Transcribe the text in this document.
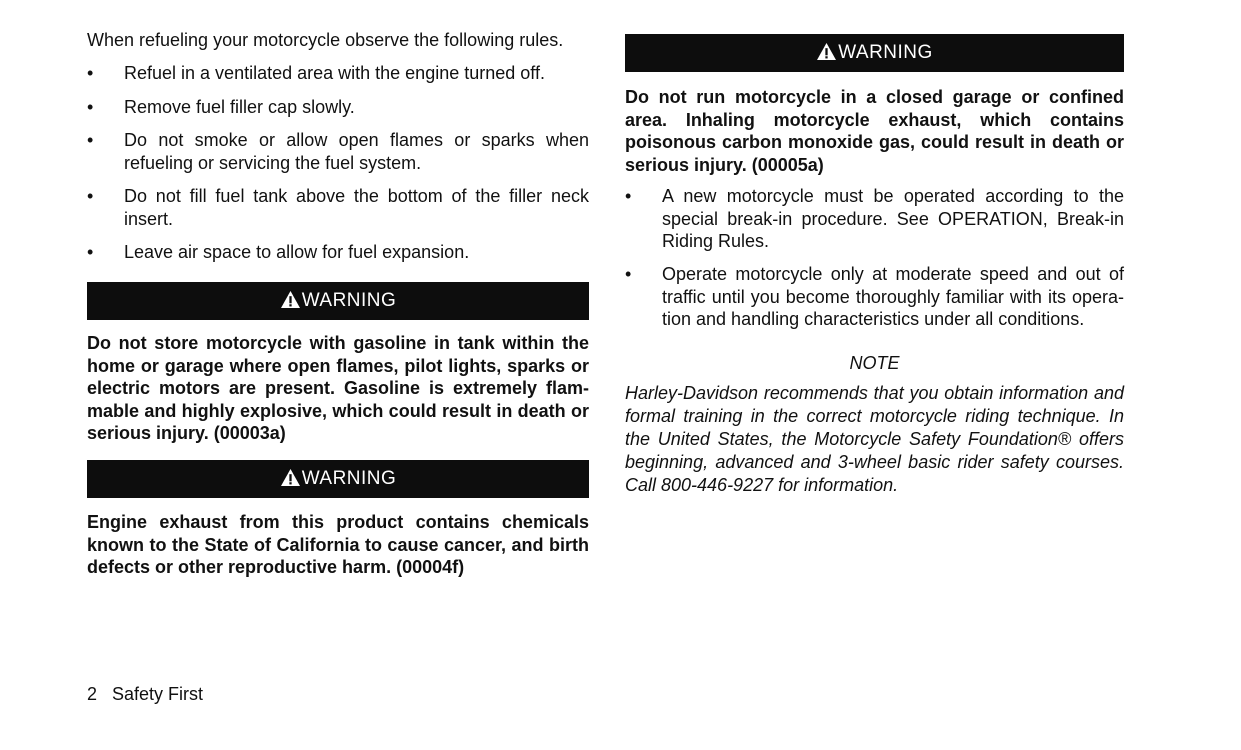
When refueling your motorcycle observe the following rules.

•	Refuel in a ventilated area with the engine turned off.
•	Remove fuel filler cap slowly.
•	Do not smoke or allow open flames or sparks when refueling or servicing the fuel system.
•	Do not fill fuel tank above the bottom of the filler neck insert.
•	Leave air space to allow for fuel expansion.
WARNING

Do not store motorcycle with gasoline in tank within the home or garage where open flames, pilot lights, sparks or electric motors are present. Gasoline is extremely flam-mable and highly explosive, which could result in death or serious injury. (00003a)

WARNING

Engine exhaust from this product contains chemicals known to the State of California to cause cancer, and birth defects or other reproductive harm. (00004f)

WARNING

Do not run motorcycle in a closed garage or confined area. Inhaling motorcycle exhaust, which contains poisonous carbon monoxide gas, could result in death or serious injury. (00005a)

•	A new motorcycle must be operated according to the special break-in procedure. See OPERATION, Break-in Riding Rules.
•	Operate motorcycle only at moderate speed and out of traffic until you become thoroughly familiar with its opera-tion and handling characteristics under all conditions.
NOTE

Harley-Davidson recommends that you obtain information and formal training in the correct motorcycle riding technique. In the United States, the Motorcycle Safety Foundation® offers beginning, advanced and 3-wheel basic rider safety courses. Call 800-446-9227 for information.

2 Safety First
